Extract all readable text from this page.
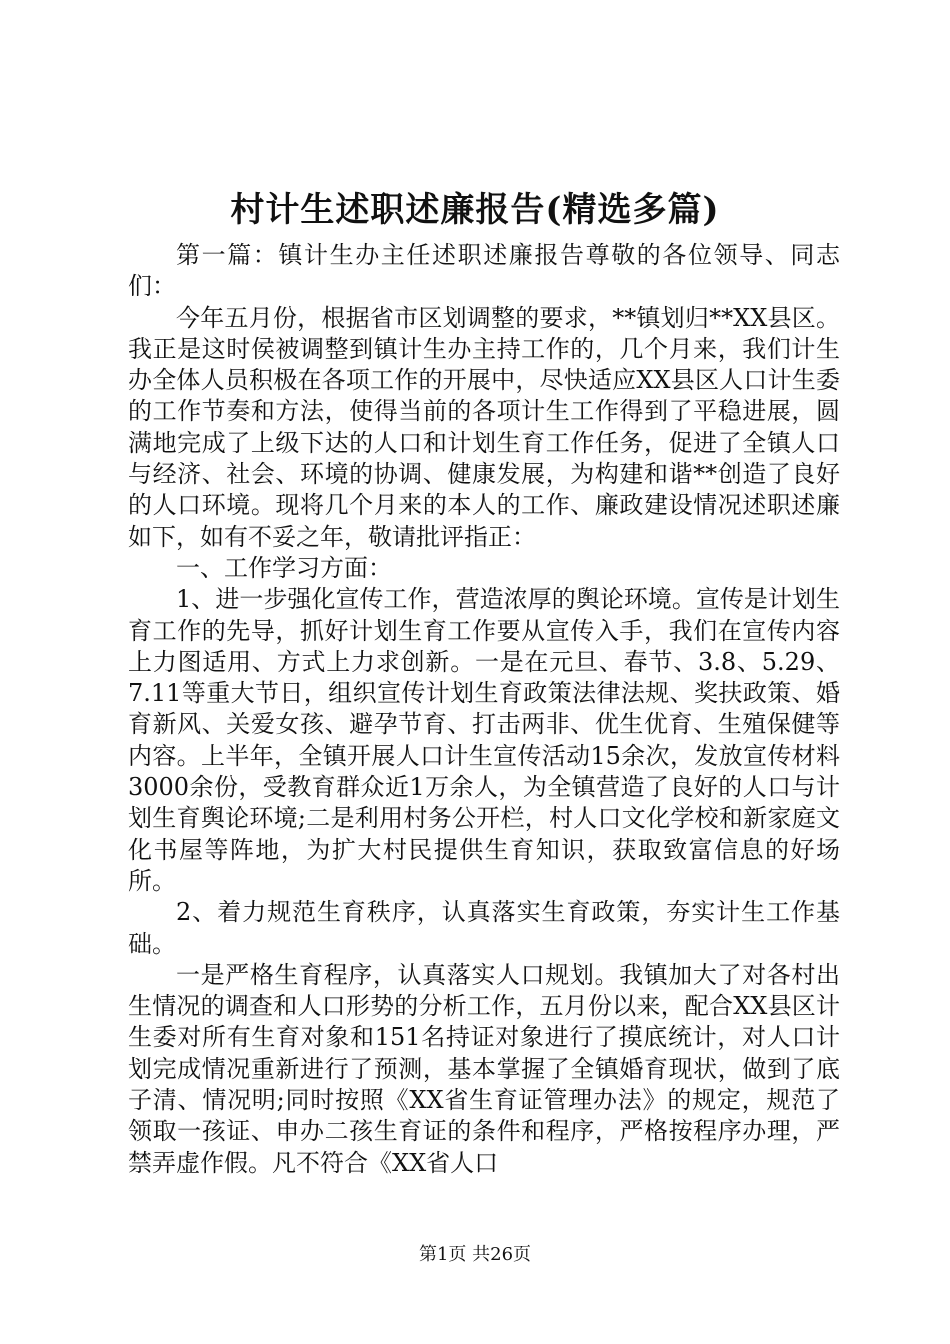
村计生述职述廉报告(精选多篇)

第一篇：镇计生办主任述职述廉报告尊敬的各位领导、同志们：

今年五月份，根据省市区划调整的要求，**镇划归**XX县区。我正是这时侯被调整到镇计生办主持工作的，几个月来，我们计生办全体人员积极在各项工作的开展中，尽快适应XX县区人口计生委的工作节奏和方法，使得当前的各项计生工作得到了平稳进展，圆满地完成了上级下达的人口和计划生育工作任务，促进了全镇人口与经济、社会、环境的协调、健康发展，为构建和谐**创造了良好的人口环境。现将几个月来的本人的工作、廉政建设情况述职述廉如下，如有不妥之年，敬请批评指正：

一、工作学习方面：

1、进一步强化宣传工作，营造浓厚的舆论环境。宣传是计划生育工作的先导，抓好计划生育工作要从宣传入手，我们在宣传内容上力图适用、方式上力求创新。一是在元旦、春节、3.8、5.29、7.11等重大节日，组织宣传计划生育政策法律法规、奖扶政策、婚育新风、关爱女孩、避孕节育、打击两非、优生优育、生殖保健等内容。上半年，全镇开展人口计生宣传活动15余次，发放宣传材料3000余份，受教育群众近1万余人，为全镇营造了良好的人口与计划生育舆论环境;二是利用村务公开栏，村人口文化学校和新家庭文化书屋等阵地，为扩大村民提供生育知识，获取致富信息的好场所。

2、着力规范生育秩序，认真落实生育政策，夯实计生工作基础。

一是严格生育程序，认真落实人口规划。我镇加大了对各村出生情况的调查和人口形势的分析工作，五月份以来，配合XX县区计生委对所有生育对象和151名持证对象进行了摸底统计，对人口计划完成情况重新进行了预测，基本掌握了全镇婚育现状，做到了底子清、情况明;同时按照《XX省生育证管理办法》的规定，规范了领取一孩证、申办二孩生育证的条件和程序，严格按程序办理，严禁弄虚作假。凡不符合《XX省人口

第1页 共26页
